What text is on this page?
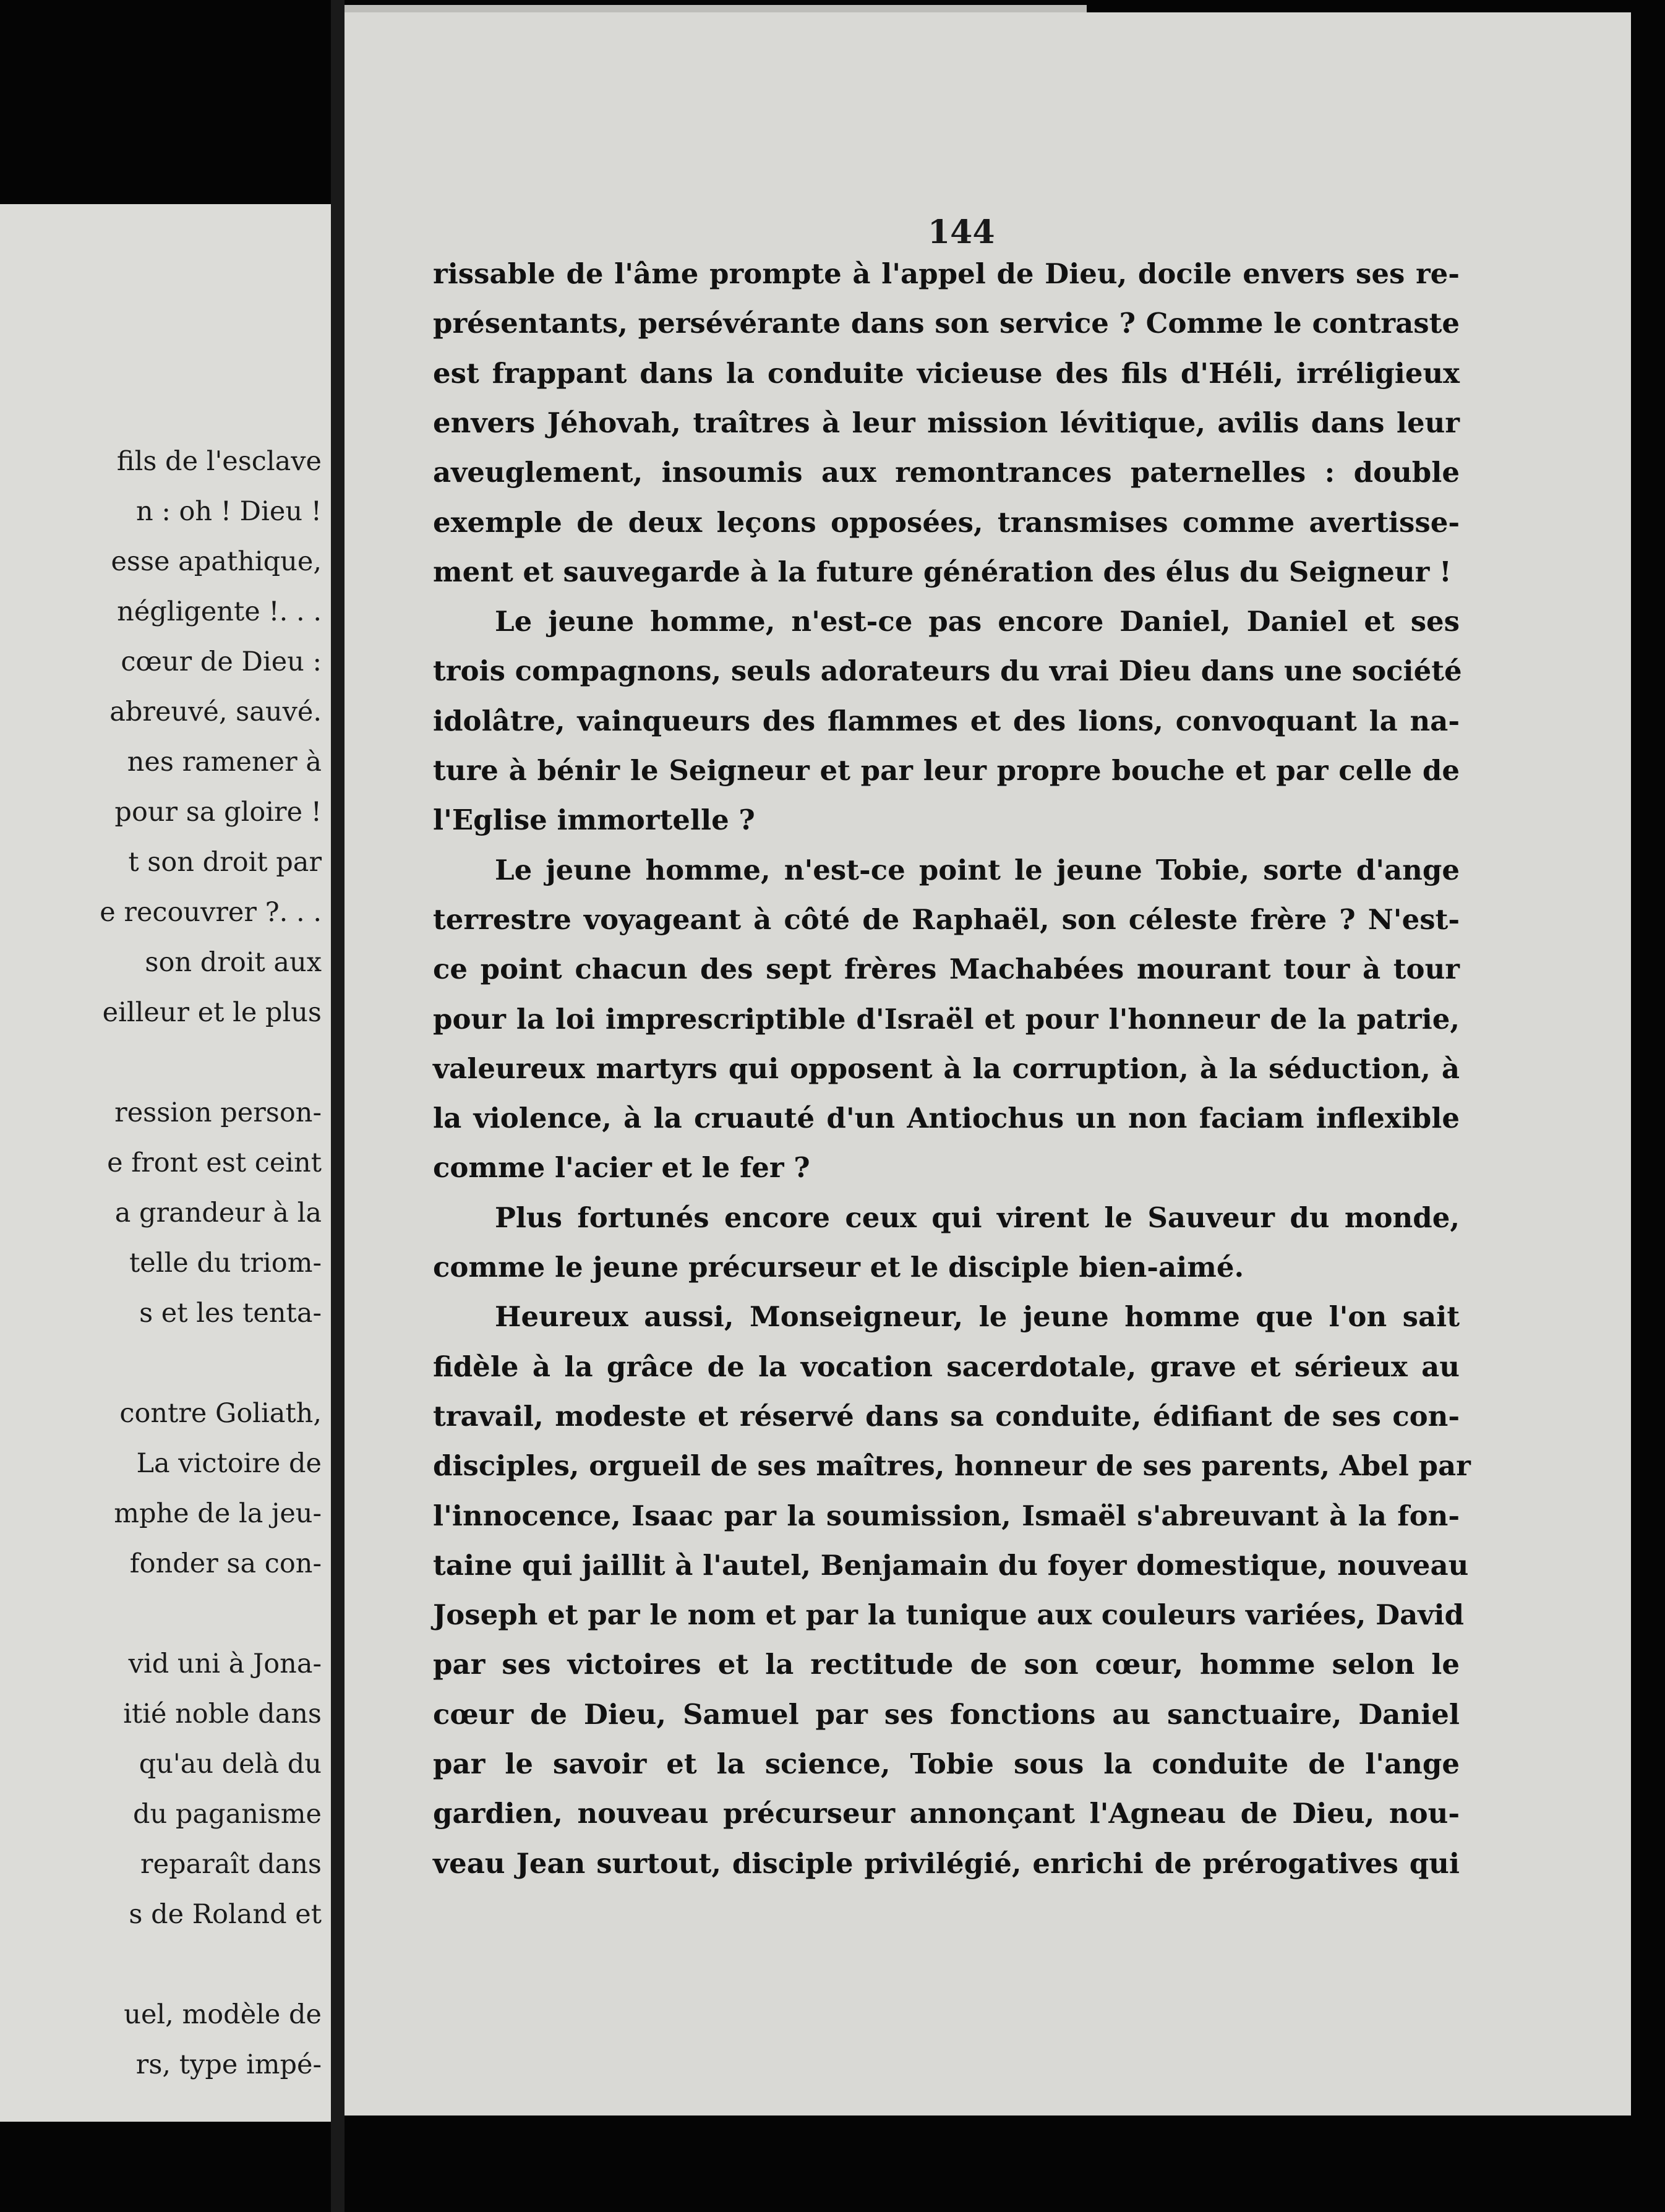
fils de l'esclave
n : oh ! Dieu !
esse apathique,
négligente !. . .
cœur de Dieu :
abreuvé, sauvé.
nes ramener à
pour sa gloire !
t son droit par
e recouvrer ?. . .
son droit aux
eilleur et le plus
ression person-
e front est ceint
a grandeur à la
telle du triom-
s et les tenta-
contre Goliath,
La victoire de
mphe de la jeu-
fonder sa con-
vid uni à Jona-
itié noble dans
qu'au delà du
du paganisme
reparaît dans
s de Roland et
uel, modèle de
rs, type impé-
144
rissable de l'âme prompte à l'appel de Dieu, docile envers ses re-
présentants, persévérante dans son service ? Comme le contraste
est frappant dans la conduite vicieuse des fils d'Héli, irréligieux
envers Jéhovah, traîtres à leur mission lévitique, avilis dans leur
aveuglement, insoumis aux remontrances paternelles : double
exemple de deux leçons opposées, transmises comme avertisse-
ment et sauvegarde à la future génération des élus du Seigneur !
Le jeune homme, n'est-ce pas encore Daniel, Daniel et ses
trois compagnons, seuls adorateurs du vrai Dieu dans une société
idolâtre, vainqueurs des flammes et des lions, convoquant la na-
ture à bénir le Seigneur et par leur propre bouche et par celle de
l'Eglise immortelle ?
Le jeune homme, n'est-ce point le jeune Tobie, sorte d'ange
terrestre voyageant à côté de Raphaël, son céleste frère ? N'est-
ce point chacun des sept frères Machabées mourant tour à tour
pour la loi imprescriptible d'Israël et pour l'honneur de la patrie,
valeureux martyrs qui opposent à la corruption, à la séduction, à
la violence, à la cruauté d'un Antiochus un non faciam inflexible
comme l'acier et le fer ?
Plus fortunés encore ceux qui virent le Sauveur du monde,
comme le jeune précurseur et le disciple bien-aimé.
Heureux aussi, Monseigneur, le jeune homme que l'on sait
fidèle à la grâce de la vocation sacerdotale, grave et sérieux au
travail, modeste et réservé dans sa conduite, édifiant de ses con-
disciples, orgueil de ses maîtres, honneur de ses parents, Abel par
l'innocence, Isaac par la soumission, Ismaël s'abreuvant à la fon-
taine qui jaillit à l'autel, Benjamain du foyer domestique, nouveau
Joseph et par le nom et par la tunique aux couleurs variées, David
par ses victoires et la rectitude de son cœur, homme selon le
cœur de Dieu, Samuel par ses fonctions au sanctuaire, Daniel
par le savoir et la science, Tobie sous la conduite de l'ange
gardien, nouveau précurseur annonçant l'Agneau de Dieu, nou-
veau Jean surtout, disciple privilégié, enrichi de prérogatives qui
